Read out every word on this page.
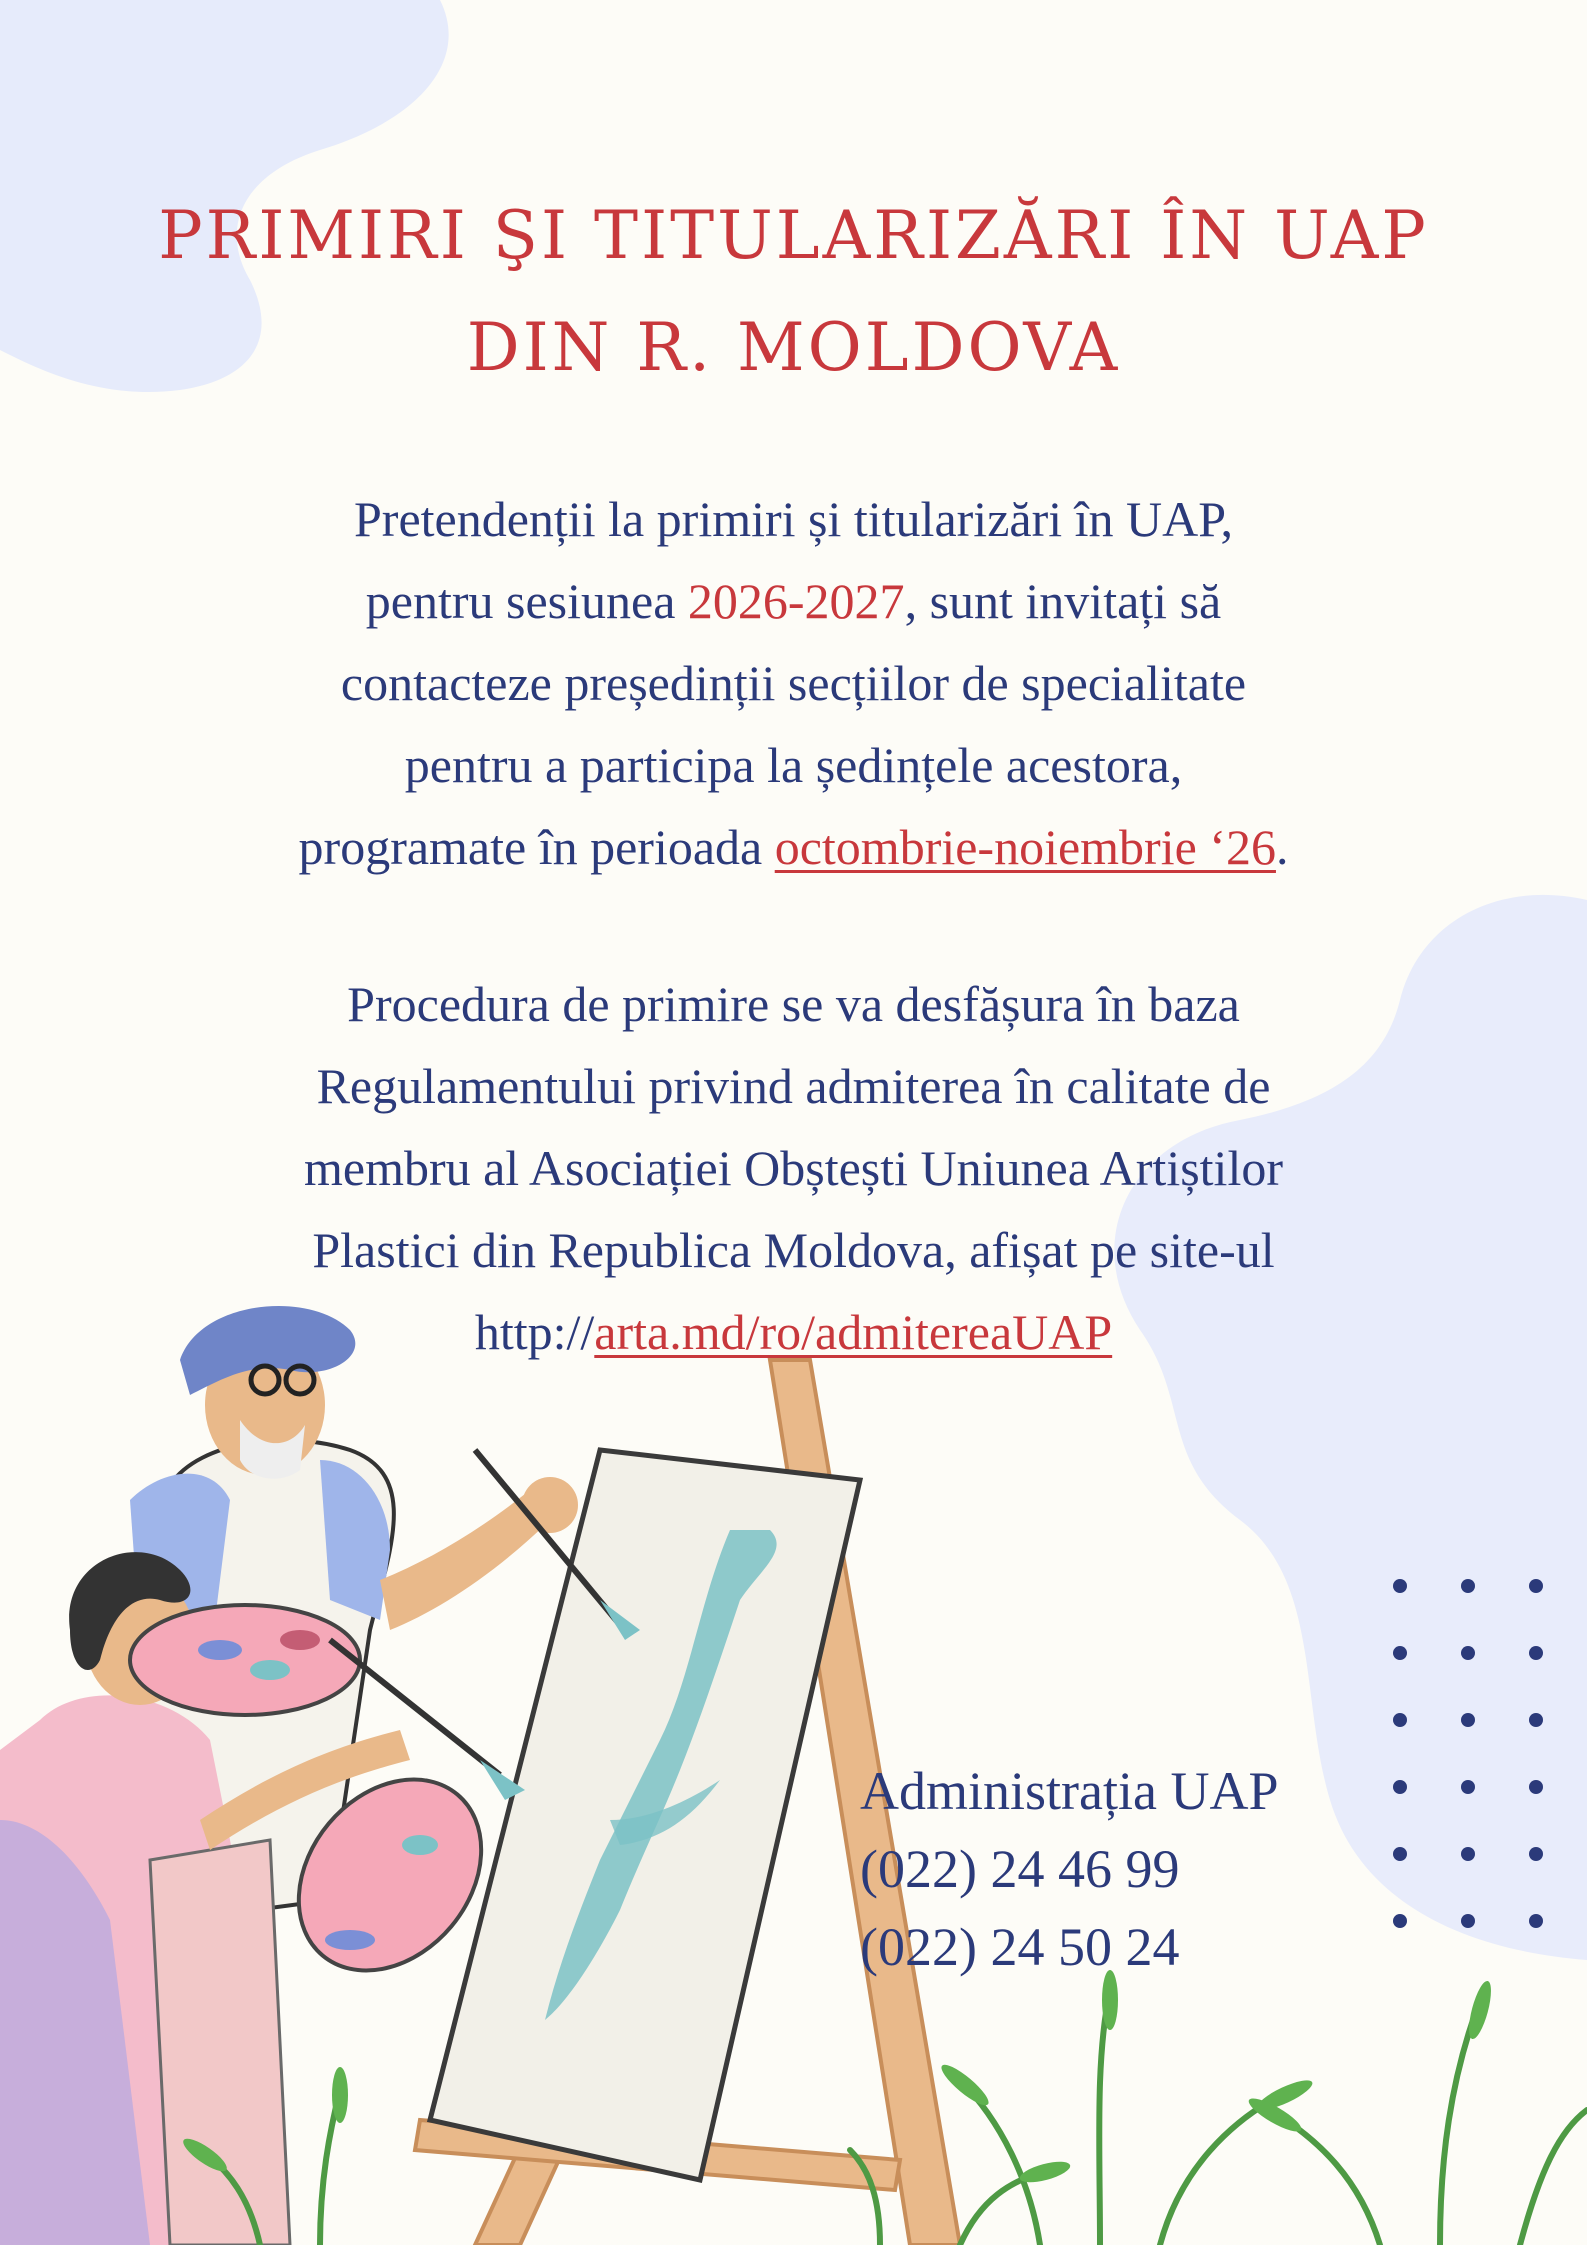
PRIMIRI ŞI TITULARIZĂRI ÎN UAP
DIN R. MOLDOVA
Pretendenții la primiri și titularizări în UAP,
pentru sesiunea 2026-2027, sunt invitați să
contacteze președinții secțiilor de specialitate
pentru a participa la ședințele acestora,
programate în perioada octombrie-noiembrie ‘26.
Procedura de primire se va desfășura în baza
Regulamentului privind admiterea în calitate de
membru al Asociației Obștești Uniunea Artiștilor
Plastici din Republica Moldova, afișat pe site-ul
http://arta.md/ro/admitereaUAP
Administrația UAP
(022) 24 46 99
(022) 24 50 24
